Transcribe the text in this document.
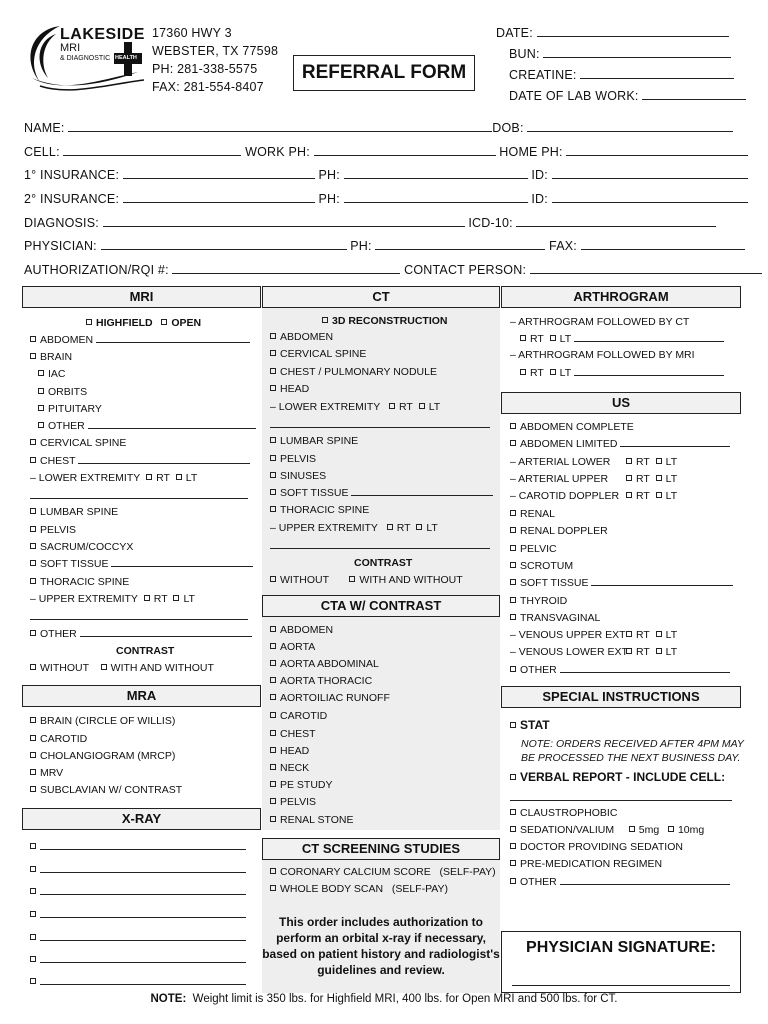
LAKESIDE
MRI
& DIAGNOSTIC HEALTH
17360 HWY 3
WEBSTER, TX 77598
PH: 281-338-5575
FAX: 281-554-8407
REFERRAL FORM
DATE:
BUN:
CREATINE:
DATE OF LAB WORK:
NAME:	DOB:
CELL:	WORK PH:	HOME PH:
1° INSURANCE:	PH:	ID:
2° INSURANCE:	PH:	ID:
DIAGNOSIS:	ICD-10:
PHYSICIAN:	PH:	FAX:
AUTHORIZATION/RQI #:	CONTACT PERSON:
MRI	CT	ARTHROGRAM
US
CTA W/ CONTRAST
MRA	SPECIAL INSTRUCTIONS
X-RAY
CT SCREENING STUDIES
HIGHFIELD OPEN
ABDOMEN
BRAIN
IAC
ORBITS
PITUITARY
OTHER
CERVICAL SPINE
CHEST
– LOWER EXTREMITY RT LT
LUMBAR SPINE
PELVIS
SACRUM/COCCYX
SOFT TISSUE
THORACIC SPINE
– UPPER EXTREMITY RT LT
OTHER
CONTRAST
WITHOUT WITH AND WITHOUT
BRAIN (CIRCLE OF WILLIS)
CAROTID
CHOLANGIOGRAM (MRCP)
MRV
SUBCLAVIAN W/ CONTRAST
3D RECONSTRUCTION
ABDOMEN
CERVICAL SPINE
CHEST / PULMONARY NODULE
HEAD
– LOWER EXTREMITY RT LT
LUMBAR SPINE
PELVIS
SINUSES
SOFT TISSUE
THORACIC SPINE
– UPPER EXTREMITY RT LT
CONTRAST
WITHOUT	WITH AND WITHOUT
ABDOMEN
AORTA
AORTA ABDOMINAL
AORTA THORACIC
AORTOILIAC RUNOFF
CAROTID
CHEST
HEAD
NECK
PE STUDY
PELVIS
RENAL STONE
CORONARY CALCIUM SCORE   (SELF-PAY)
WHOLE BODY SCAN   (SELF-PAY)
This order includes authorization to
perform an orbital x-ray if necessary,
based on patient history and radiologist's
guidelines and review.
– ARTHROGRAM FOLLOWED BY CT
RT LT
– ARTHROGRAM FOLLOWED BY MRI
RT LT
ABDOMEN COMPLETE
ABDOMEN LIMITED
– ARTERIAL LOWER RT LT
– ARTERIAL UPPER	RT LT
– CAROTID DOPPLER RT LT
RENAL
RENAL DOPPLER
PELVIC
SCROTUM
SOFT TISSUE
THYROID
TRANSVAGINAL
– VENOUS UPPER EXT RT LT
– VENOUS LOWER EXT RT LT
OTHER
STAT
NOTE: ORDERS RECEIVED AFTER 4PM MAY
BE PROCESSED THE NEXT BUSINESS DAY.
VERBAL REPORT - INCLUDE CELL:
CLAUSTROPHOBIC
SEDATION/VALIUM 5mg 10mg
DOCTOR PROVIDING SEDATION
PRE-MEDICATION REGIMEN
OTHER
PHYSICIAN SIGNATURE:
NOTE: Weight limit is 350 lbs. for Highfield MRI, 400 lbs. for Open MRI and 500 lbs. for CT.
